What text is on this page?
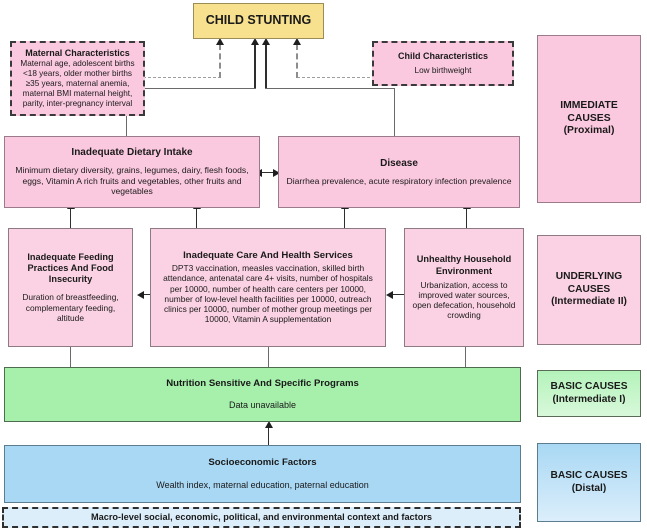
CHILD STUNTING
Maternal Characteristics
Maternal age, adolescent births <18 years, older mother births ≥35 years, maternal anemia, maternal BMI maternal height, parity, inter-pregnancy interval
Child Characteristics
Low birthweight
Inadequate Dietary Intake
Minimum dietary diversity, grains, legumes, dairy, flesh foods, eggs, Vitamin A rich fruits and vegetables, other fruits and vegetables
Disease
Diarrhea prevalence, acute respiratory infection prevalence
Inadequate Feeding Practices And Food Insecurity
Duration of breastfeeding, complementary feeding, altitude
Inadequate Care And Health Services
DPT3 vaccination, measles vaccination, skilled birth attendance, antenatal care 4+ visits, number of hospitals per 10000, number of health care centers per 10000, number of low-level health facilities per 10000, outreach clinics per 10000, number of mother group meetings per 10000, Vitamin A supplementation
Unhealthy Household Environment
Urbanization, access to improved water sources, open defecation, household crowding
Nutrition Sensitive And Specific Programs
Data unavailable
Socioeconomic Factors
Wealth index, maternal education, paternal education
Macro-level social, economic, political, and environmental context and factors
IMMEDIATE
CAUSES
(Proximal)
UNDERLYING
CAUSES
(Intermediate II)
BASIC CAUSES
(Intermediate I)
BASIC CAUSES
(Distal)
